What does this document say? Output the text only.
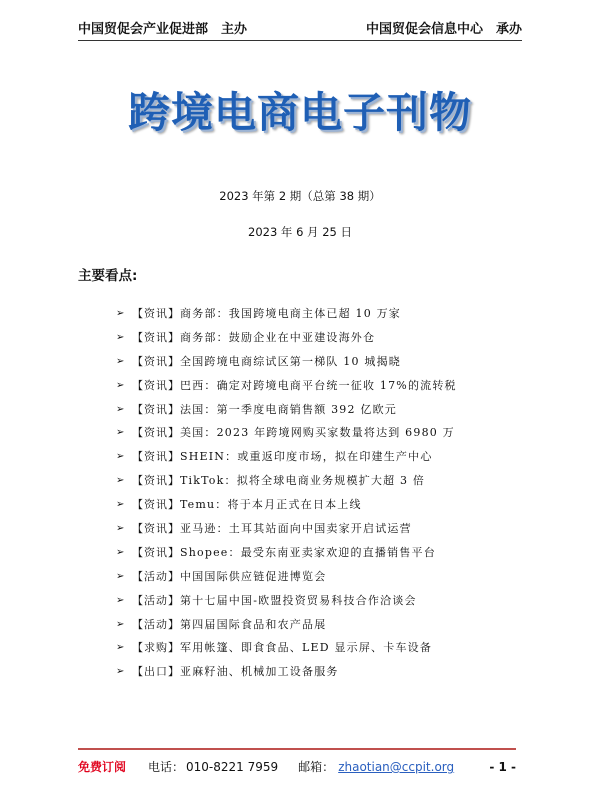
中国贸促会产业促进部　主办	中国贸促会信息中心　承办
跨境电商电子刊物
2023 年第 2 期（总第 38 期）
2023 年 6 月 25 日
主要看点:
➢ 【资讯】 商务部：我国跨境电商主体已超 10 万家
➢ 【资讯】 商务部：鼓励企业在中亚建设海外仓
➢ 【资讯】 全国跨境电商综试区第一梯队 10 城揭晓
➢ 【资讯】 巴西：确定对跨境电商平台统一征收 17%的流转税
➢ 【资讯】 法国：第一季度电商销售额 392 亿欧元
➢ 【资讯】 美国：2023 年跨境网购买家数量将达到 6980 万
➢ 【资讯】 SHEIN：或重返印度市场，拟在印建生产中心
➢ 【资讯】 TikTok：拟将全球电商业务规模扩大超 3 倍
➢ 【资讯】 Temu：将于本月正式在日本上线
➢ 【资讯】 亚马逊：土耳其站面向中国卖家开启试运营
➢ 【资讯】 Shopee：最受东南亚卖家欢迎的直播销售平台
➢ 【活动】 中国国际供应链促进博览会
➢ 【活动】 第十七届中国-欧盟投资贸易科技合作洽谈会
➢ 【活动】 第四届国际食品和农产品展
➢ 【求购】 军用帐篷、即食食品、LED 显示屏、卡车设备
➢ 【出口】 亚麻籽油、机械加工设备服务
免费订阅 电话： 010-8221 7959 邮箱： zhaotian@ccpit.org	- 1 -
